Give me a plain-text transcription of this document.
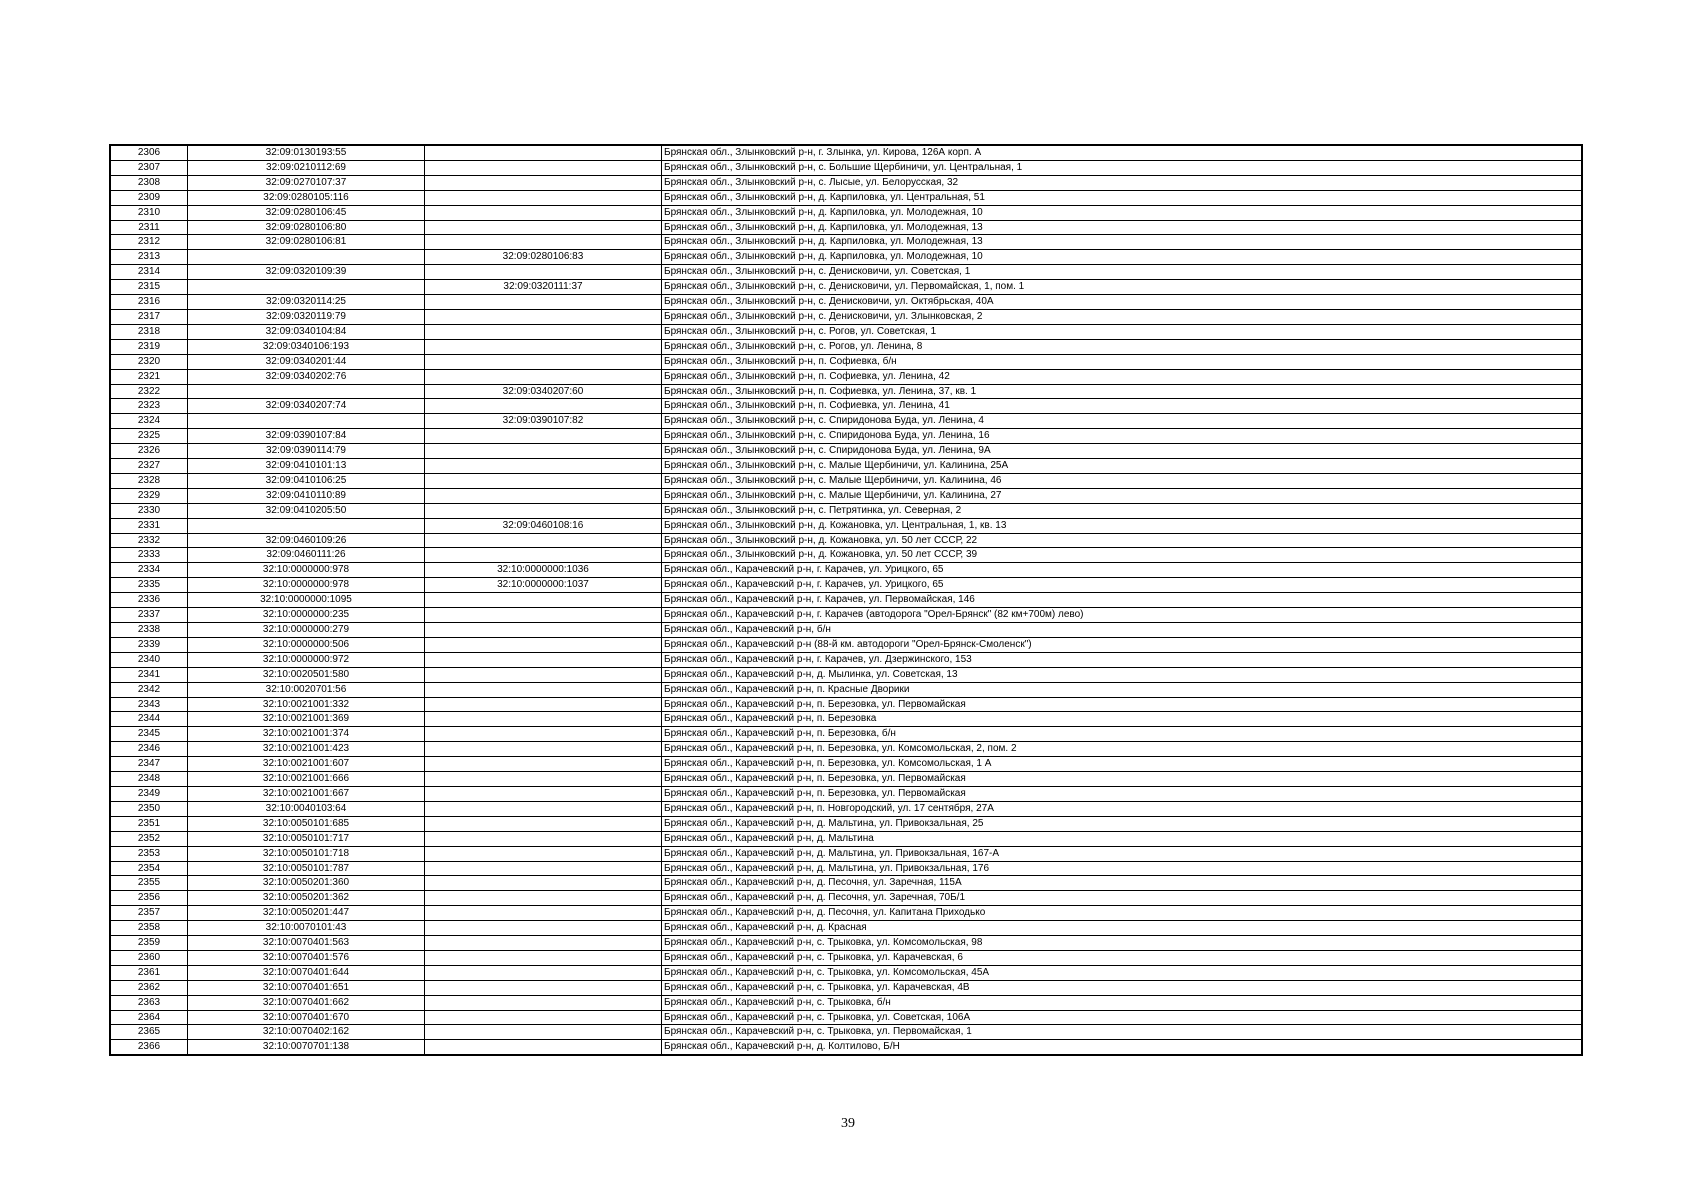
2306	32:09:0130193:55		Брянская обл., Злынковский р-н, г. Злынка, ул. Кирова, 126А корп. А
2307	32:09:0210112:69		Брянская обл., Злынковский р-н, с. Большие Щербиничи, ул. Центральная, 1
2308	32:09:0270107:37		Брянская обл., Злынковский р-н, с. Лысые, ул. Белорусская, 32
2309	32:09:0280105:116		Брянская обл., Злынковский р-н, д. Карпиловка, ул. Центральная, 51
2310	32:09:0280106:45		Брянская обл., Злынковский р-н, д. Карпиловка, ул. Молодежная, 10
2311	32:09:0280106:80		Брянская обл., Злынковский р-н, д. Карпиловка, ул. Молодежная, 13
2312	32:09:0280106:81		Брянская обл., Злынковский р-н, д. Карпиловка, ул. Молодежная, 13
2313		32:09:0280106:83	Брянская обл., Злынковский р-н, д. Карпиловка, ул. Молодежная, 10
2314	32:09:0320109:39		Брянская обл., Злынковский р-н, с. Денисковичи, ул. Советская, 1
2315		32:09:0320111:37	Брянская обл., Злынковский р-н, с. Денисковичи, ул. Первомайская, 1, пом. 1
2316	32:09:0320114:25		Брянская обл., Злынковский р-н, с. Денисковичи, ул. Октябрьская, 40А
2317	32:09:0320119:79		Брянская обл., Злынковский р-н, с. Денисковичи, ул. Злынковская, 2
2318	32:09:0340104:84		Брянская обл., Злынковский р-н, с. Рогов, ул. Советская, 1
2319	32:09:0340106:193		Брянская обл., Злынковский р-н, с. Рогов, ул. Ленина, 8
2320	32:09:0340201:44		Брянская обл., Злынковский р-н, п. Софиевка, б/н
2321	32:09:0340202:76		Брянская обл., Злынковский р-н, п. Софиевка, ул. Ленина, 42
2322		32:09:0340207:60	Брянская обл., Злынковский р-н, п. Софиевка, ул. Ленина, 37, кв. 1
2323	32:09:0340207:74		Брянская обл., Злынковский р-н, п. Софиевка, ул. Ленина, 41
2324		32:09:0390107:82	Брянская обл., Злынковский р-н, с. Спиридонова Буда, ул. Ленина, 4
2325	32:09:0390107:84		Брянская обл., Злынковский р-н, с. Спиридонова Буда, ул. Ленина, 16
2326	32:09:0390114:79		Брянская обл., Злынковский р-н, с. Спиридонова Буда, ул. Ленина, 9А
2327	32:09:0410101:13		Брянская обл., Злынковский р-н, с. Малые Щербиничи, ул. Калинина, 25А
2328	32:09:0410106:25		Брянская обл., Злынковский р-н, с. Малые Щербиничи, ул. Калинина, 46
2329	32:09:0410110:89		Брянская обл., Злынковский р-н, с. Малые Щербиничи, ул. Калинина, 27
2330	32:09:0410205:50		Брянская обл., Злынковский р-н, с. Петрятинка, ул. Северная, 2
2331		32:09:0460108:16	Брянская обл., Злынковский р-н, д. Кожановка, ул. Центральная, 1, кв. 13
2332	32:09:0460109:26		Брянская обл., Злынковский р-н, д. Кожановка, ул. 50 лет СССР, 22
2333	32:09:0460111:26		Брянская обл., Злынковский р-н, д. Кожановка, ул. 50 лет СССР, 39
2334	32:10:0000000:978	32:10:0000000:1036	Брянская обл., Карачевский р-н, г. Карачев, ул. Урицкого, 65
2335	32:10:0000000:978	32:10:0000000:1037	Брянская обл., Карачевский р-н, г. Карачев, ул. Урицкого, 65
2336	32:10:0000000:1095		Брянская обл., Карачевский р-н, г. Карачев, ул. Первомайская, 146
2337	32:10:0000000:235		Брянская обл., Карачевский р-н, г. Карачев (автодорога "Орел-Брянск" (82 км+700м) лево)
2338	32:10:0000000:279		Брянская обл., Карачевский р-н, б/н
2339	32:10:0000000:506		Брянская обл., Карачевский р-н (88-й км. автодороги "Орел-Брянск-Смоленск")
2340	32:10:0000000:972		Брянская обл., Карачевский р-н, г. Карачев, ул. Дзержинского, 153
2341	32:10:0020501:580		Брянская обл., Карачевский р-н, д. Мылинка, ул. Советская, 13
2342	32:10:0020701:56		Брянская обл., Карачевский р-н, п. Красные Дворики
2343	32:10:0021001:332		Брянская обл., Карачевский р-н, п. Березовка, ул. Первомайская
2344	32:10:0021001:369		Брянская обл., Карачевский р-н, п. Березовка
2345	32:10:0021001:374		Брянская обл., Карачевский р-н, п. Березовка, б/н
2346	32:10:0021001:423		Брянская обл., Карачевский р-н, п. Березовка, ул. Комсомольская, 2, пом. 2
2347	32:10:0021001:607		Брянская обл., Карачевский р-н, п. Березовка, ул. Комсомольская, 1 А
2348	32:10:0021001:666		Брянская обл., Карачевский р-н, п. Березовка, ул. Первомайская
2349	32:10:0021001:667		Брянская обл., Карачевский р-н, п. Березовка, ул. Первомайская
2350	32:10:0040103:64		Брянская обл., Карачевский р-н, п. Новгородский, ул. 17 сентября, 27А
2351	32:10:0050101:685		Брянская обл., Карачевский р-н, д. Мальтина, ул. Привокзальная, 25
2352	32:10:0050101:717		Брянская обл., Карачевский р-н, д. Мальтина
2353	32:10:0050101:718		Брянская обл., Карачевский р-н, д. Мальтина, ул. Привокзальная, 167-А
2354	32:10:0050101:787		Брянская обл., Карачевский р-н, д. Мальтина, ул. Привокзальная, 176
2355	32:10:0050201:360		Брянская обл., Карачевский р-н, д. Песочня, ул. Заречная, 115А
2356	32:10:0050201:362		Брянская обл., Карачевский р-н, д. Песочня, ул. Заречная, 70Б/1
2357	32:10:0050201:447		Брянская обл., Карачевский р-н, д. Песочня, ул. Капитана Приходько
2358	32:10:0070101:43		Брянская обл., Карачевский р-н, д. Красная
2359	32:10:0070401:563		Брянская обл., Карачевский р-н, с. Трыковка, ул. Комсомольская, 98
2360	32:10:0070401:576		Брянская обл., Карачевский р-н, с. Трыковка, ул. Карачевская, 6
2361	32:10:0070401:644		Брянская обл., Карачевский р-н, с. Трыковка, ул. Комсомольская, 45А
2362	32:10:0070401:651		Брянская обл., Карачевский р-н, с. Трыковка, ул. Карачевская, 4В
2363	32:10:0070401:662		Брянская обл., Карачевский р-н, с. Трыковка, б/н
2364	32:10:0070401:670		Брянская обл., Карачевский р-н, с. Трыковка, ул. Советская, 106А
2365	32:10:0070402:162		Брянская обл., Карачевский р-н, с. Трыковка, ул. Первомайская, 1
2366	32:10:0070701:138		Брянская обл., Карачевский р-н, д. Колтилово, Б/Н
39
